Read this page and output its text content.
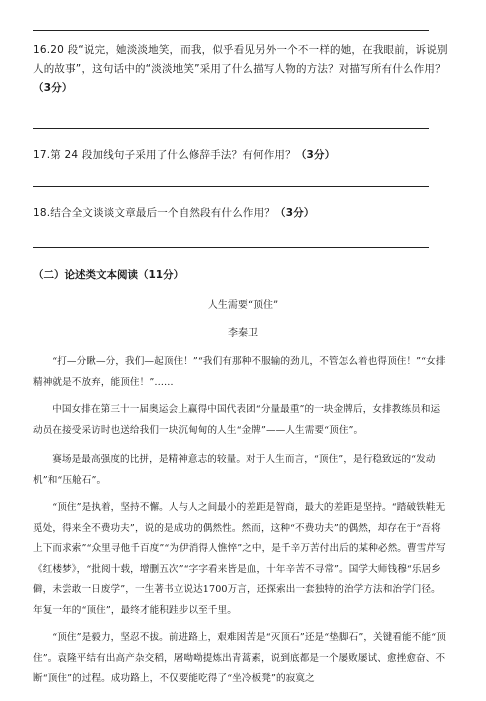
16.20 段“说完，她淡淡地笑，而我，似乎看见另外一个不一样的她，在我眼前，诉说别人的故事”，这句话中的“淡淡地笑”采用了什么描写人物的方法？对描写所有什么作用？（3分）
17.第 24 段加线句子采用了什么修辞手法？有何作用？（3分）
18.结合全文谈谈文章最后一个自然段有什么作用？（3分）
（二）论述类文本阅读（11分）
人生需要“顶住”
李秦卫
“打—分瞅—分，我们—起顶住！”“我们有那种不服输的劲儿，不管怎么着也得顶住！”“女排精神就是不放弃，能顶住！”……
中国女排在第三十一届奥运会上赢得中国代表团“分量最重”的一块金牌后，女排教练员和运动员在接受采访时也送给我们一块沉甸甸的人生“金牌”——人生需要“顶住”。
赛场是最高强度的比拼，是精神意志的较量。对于人生而言，“顶住”，是行稳致远的“发动机”和“压舱石”。
“顶住”是执着，坚持不懈。人与人之间最小的差距是智商，最大的差距是坚持。“踏破铁鞋无觅处，得来全不费功夫”，说的是成功的偶然性。然而，这种“不费功夫”的偶然，却存在于“吾将上下而求索”“众里寻他千百度”“为伊消得人憔悴”之中，是千辛万苦付出后的某种必然。曹雪芹写《红楼梦》，“批阅十载，增删五次”“字字看来皆是血，十年辛苦不寻常”。国学大师钱穆“乐居乡僻，未尝敢一日废学”，一生著书立说达1700万言，还探索出一套独特的治学方法和治学门径。年复一年的“顶住”，最终才能积跬步以至千里。
“顶住”是毅力，坚忍不拔。前进路上，艰难困苦是“灭顶石”还是“垫脚石”，关键看能不能“顶住”。袁隆平结有出高产杂交稻，屠呦呦提炼出青蒿素，说到底都是一个屡败屡试、愈挫愈奋、不断“顶住”的过程。成功路上，不仅要能吃得了“坐冷板凳”的寂寞之
